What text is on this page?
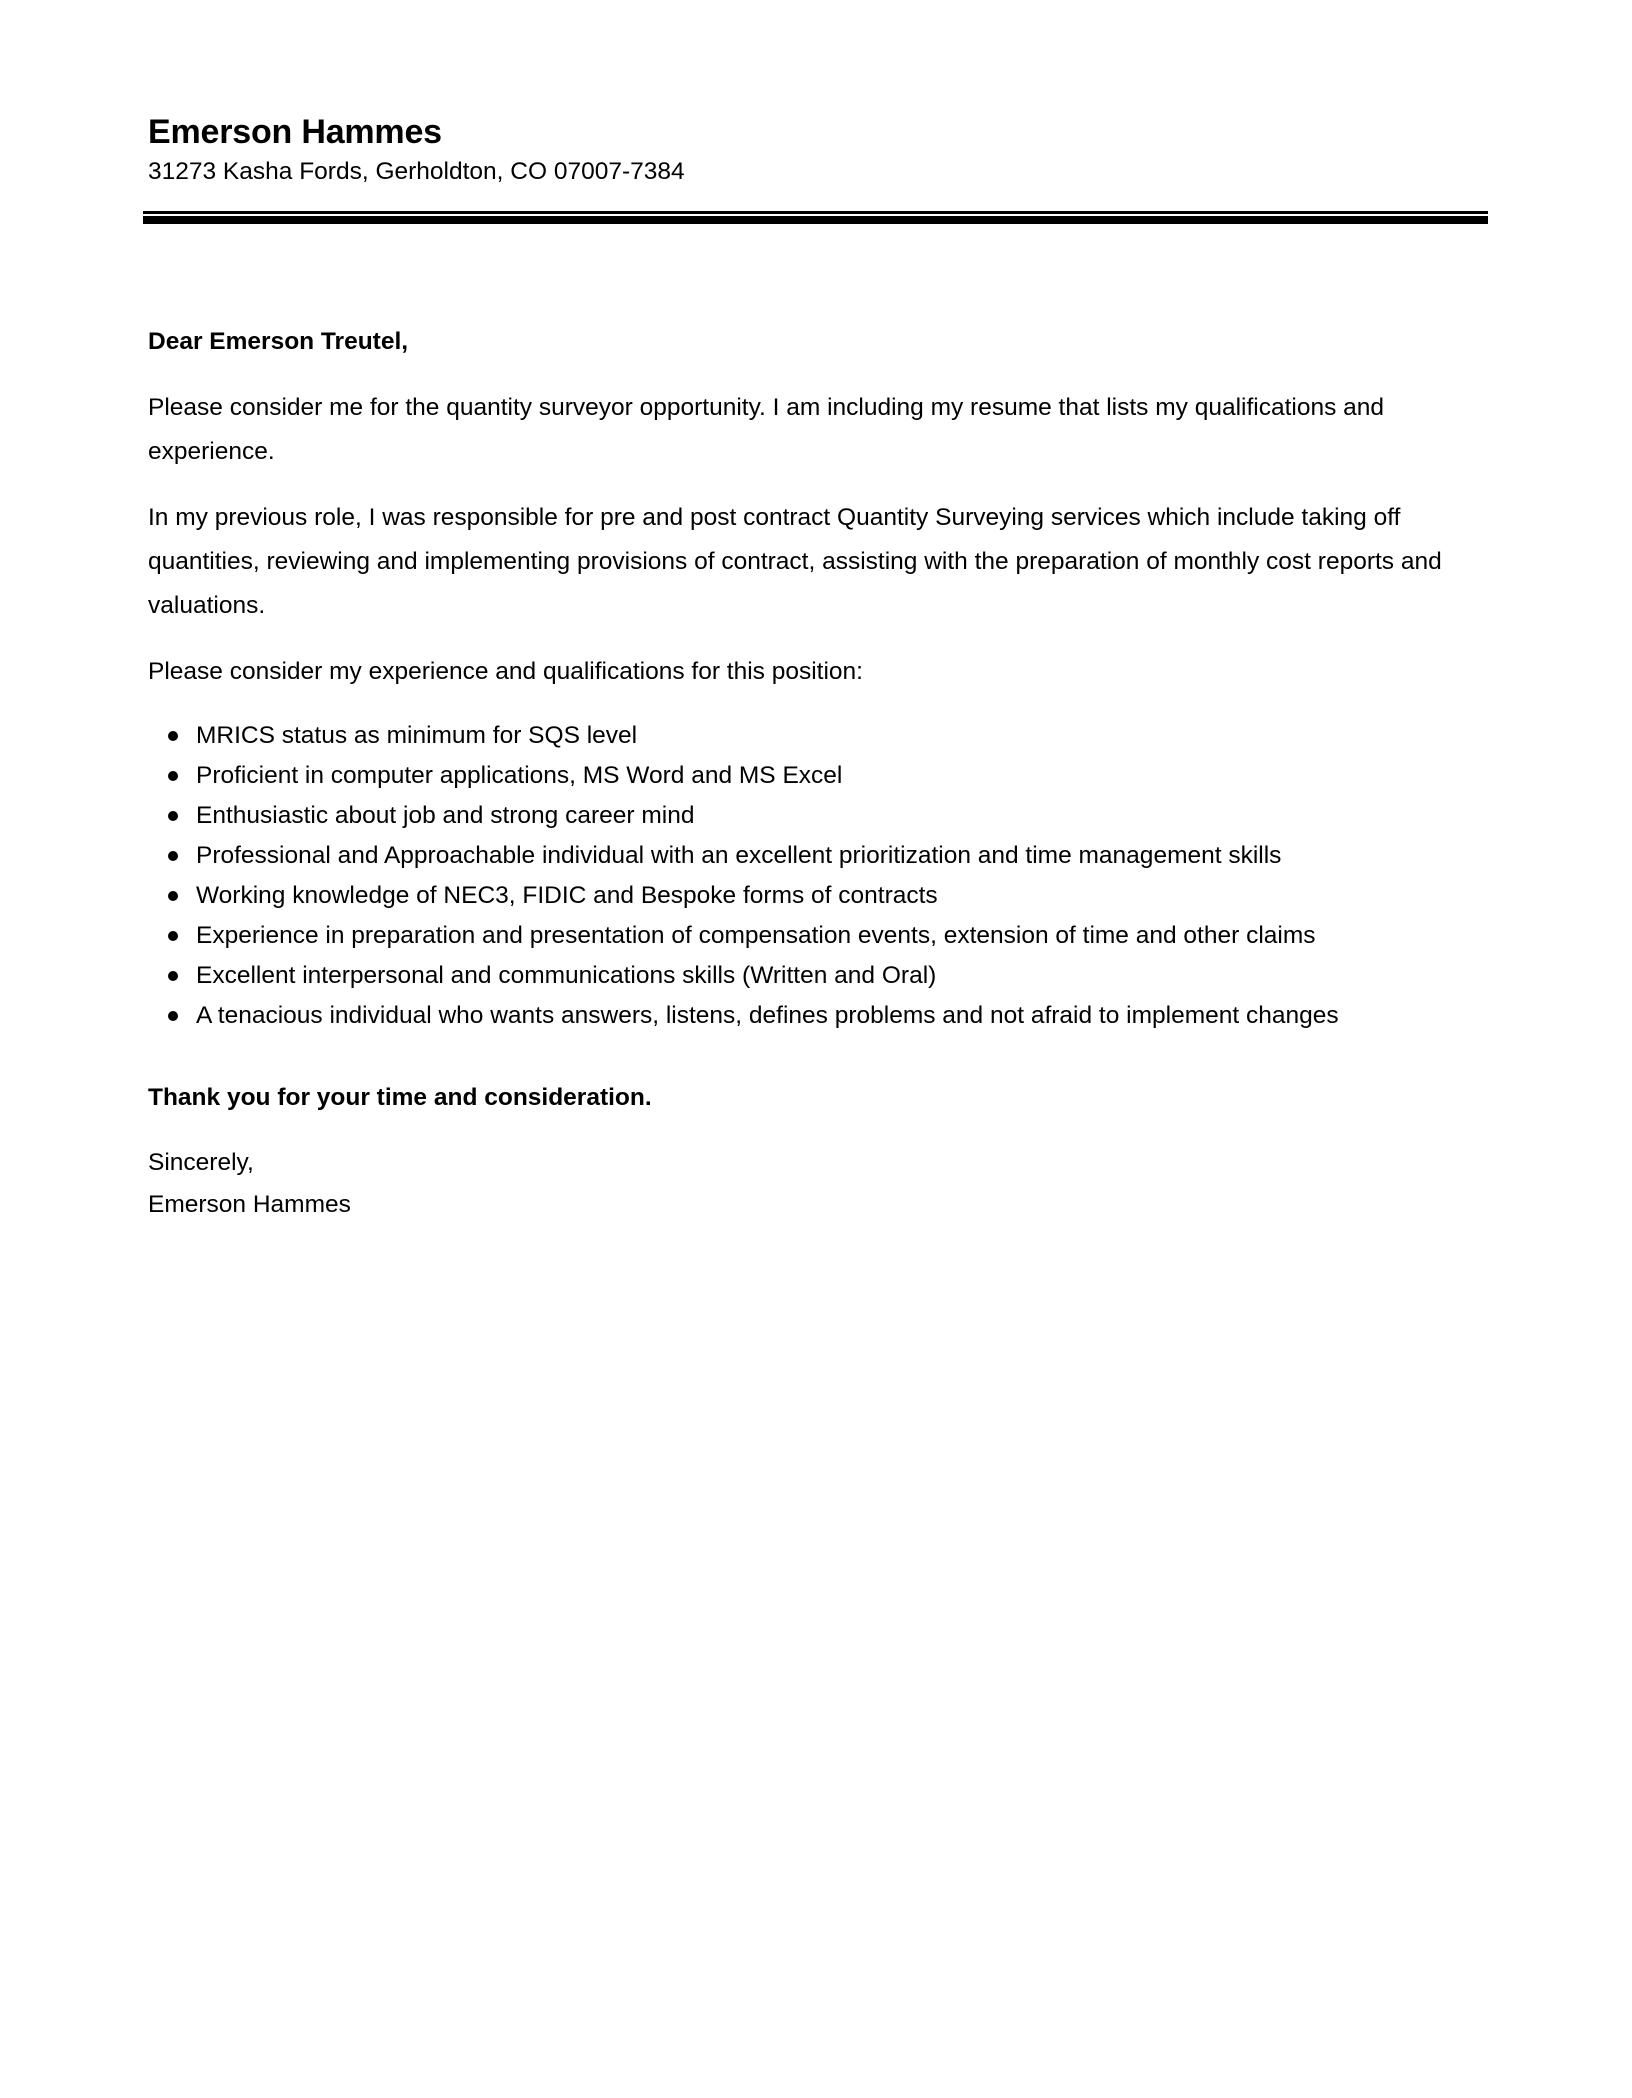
Emerson Hammes

31273 Kasha Fords, Gerholdton, CO 07007-7384

Dear Emerson Treutel,

Please consider me for the quantity surveyor opportunity. I am including my resume that lists my qualifications and experience.

In my previous role, I was responsible for pre and post contract Quantity Surveying services which include taking off quantities, reviewing and implementing provisions of contract, assisting with the preparation of monthly cost reports and valuations.

Please consider my experience and qualifications for this position:

MRICS status as minimum for SQS level
Proficient in computer applications, MS Word and MS Excel
Enthusiastic about job and strong career mind
Professional and Approachable individual with an excellent prioritization and time management skills
Working knowledge of NEC3, FIDIC and Bespoke forms of contracts
Experience in preparation and presentation of compensation events, extension of time and other claims
Excellent interpersonal and communications skills (Written and Oral)
A tenacious individual who wants answers, listens, defines problems and not afraid to implement changes

Thank you for your time and consideration.

Sincerely,

Emerson Hammes
